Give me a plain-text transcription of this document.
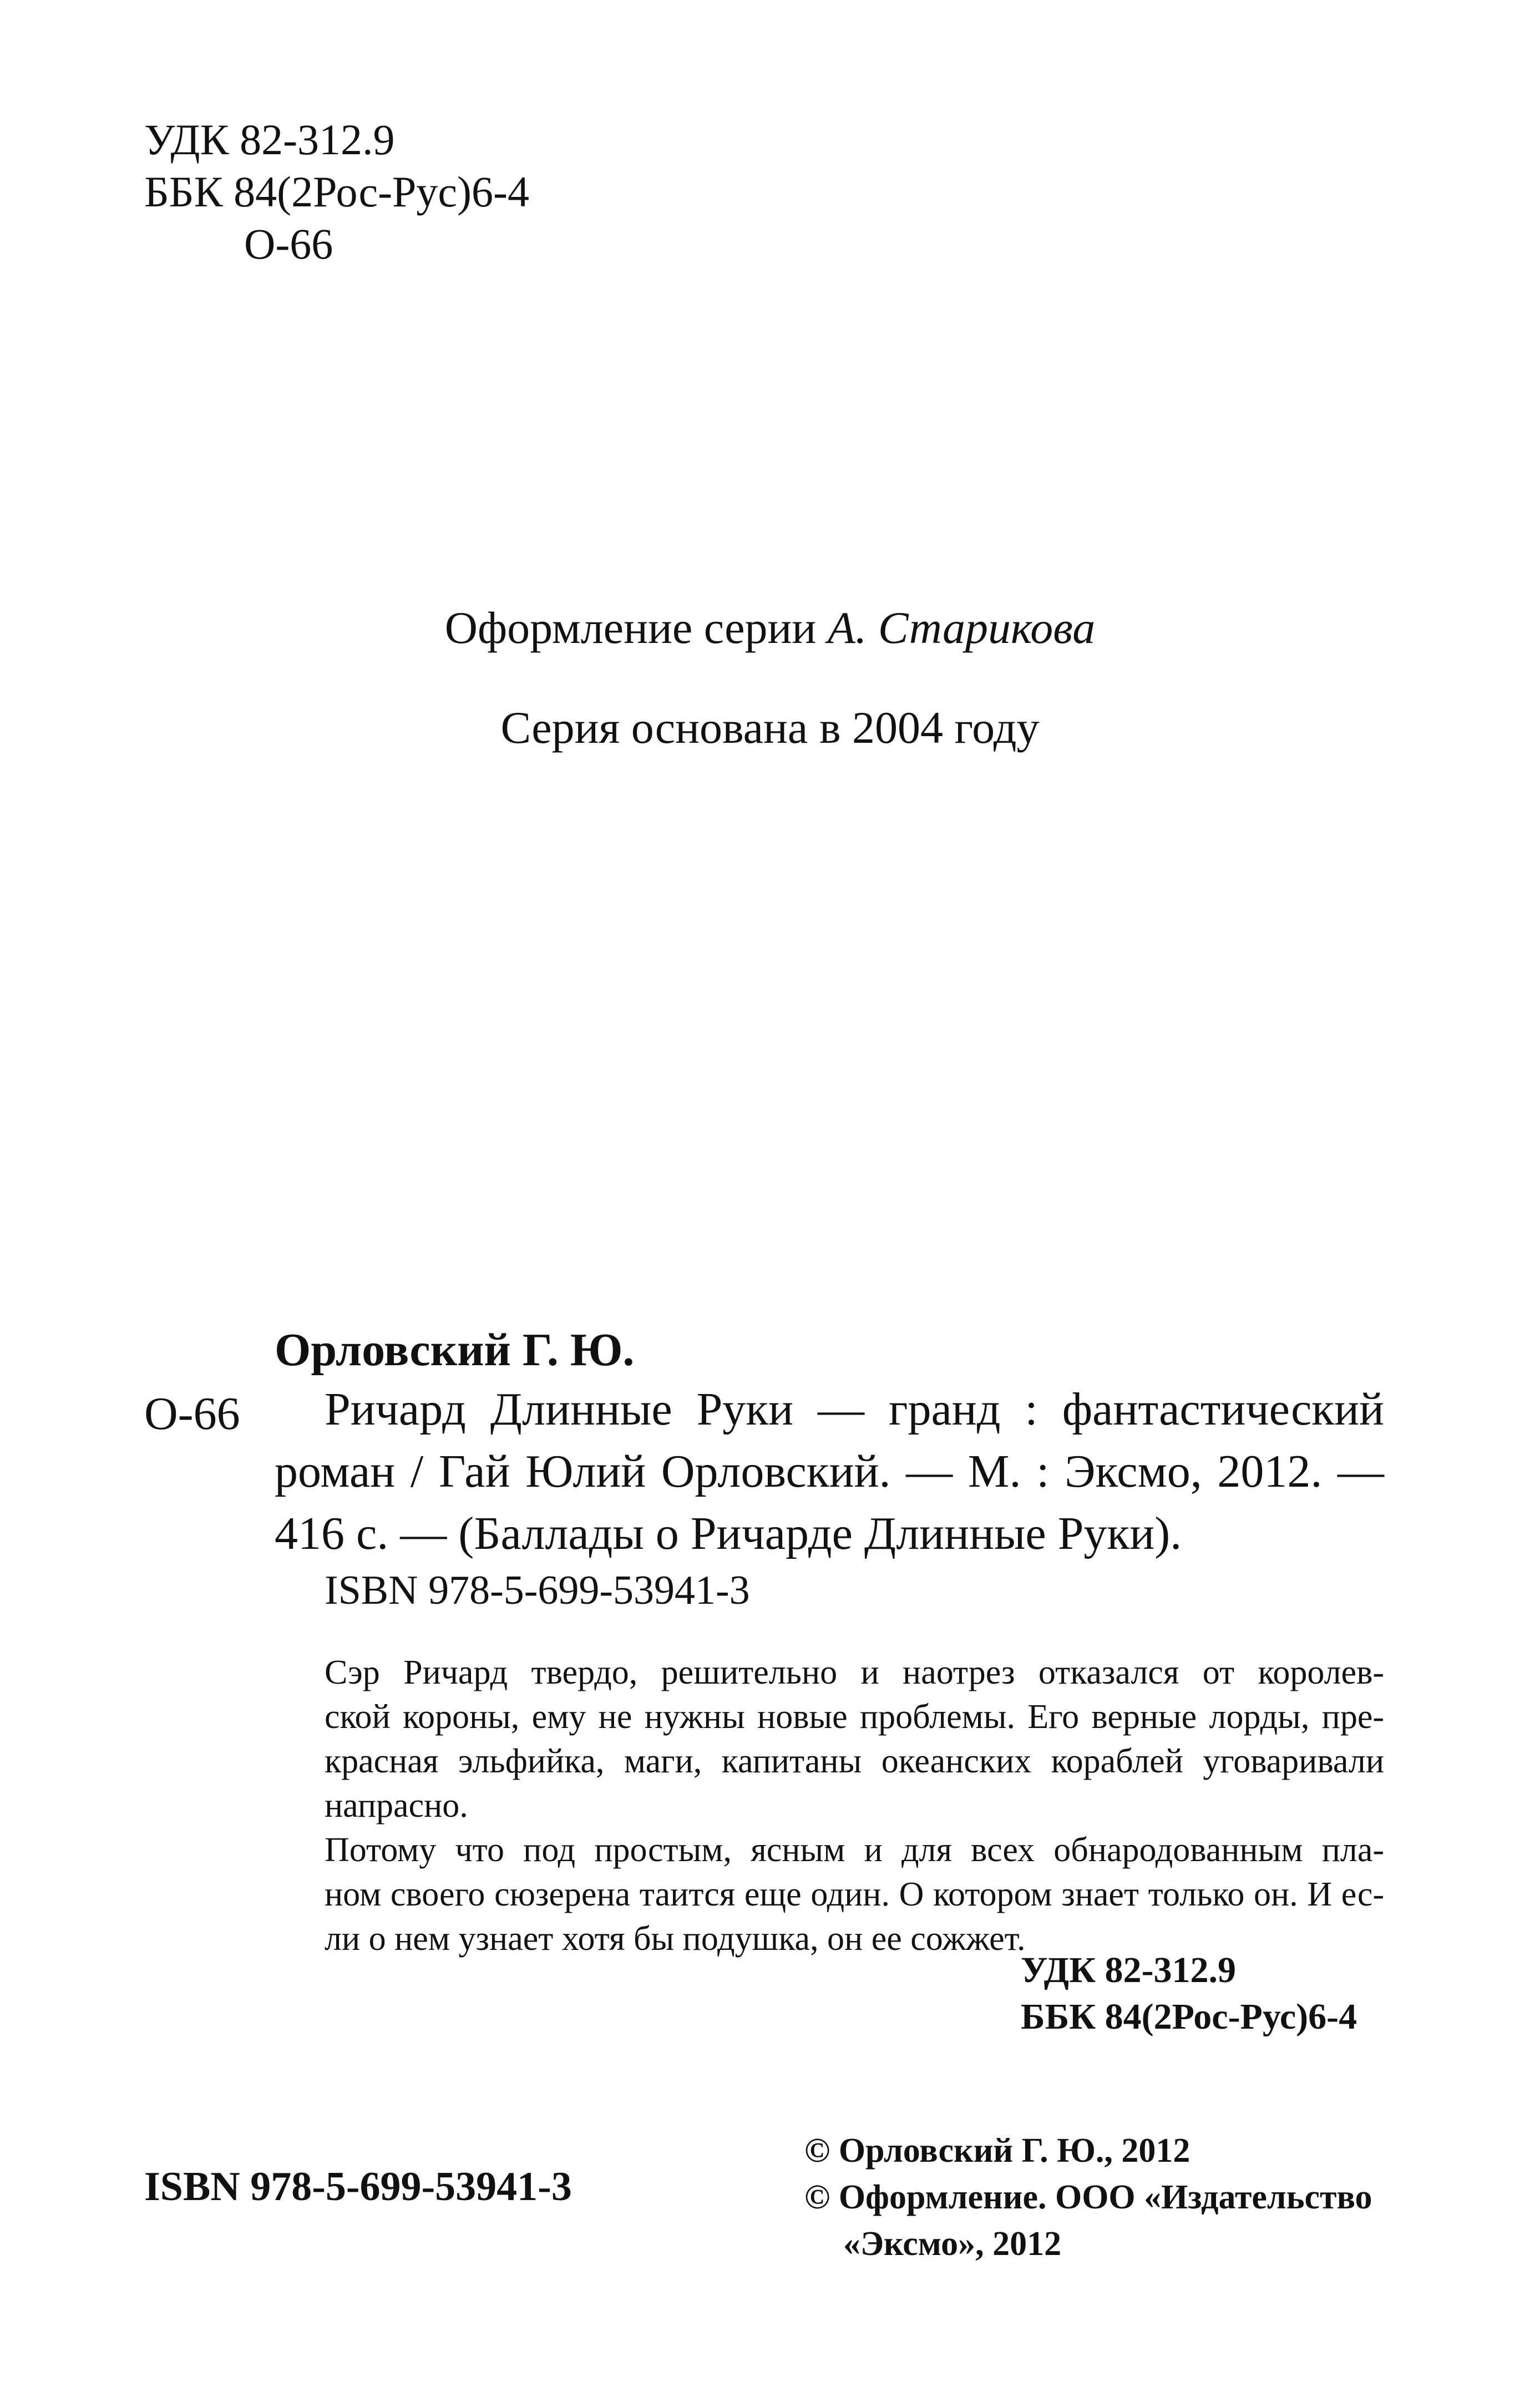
УДК 82-312.9
ББК 84(2Рос-Рус)6-4
О-66
Оформление серии А. Старикова
Серия основана в 2004 году
Орловский Г. Ю.
О-66	Ричард Длинные Руки — гранд : фантастический
роман / Гай Юлий Орловский. — М. : Эксмо, 2012. —
416 с. — (Баллады о Ричарде Длинные Руки).
ISBN 978-5-699-53941-3
Сэр Ричард твердо, решительно и наотрез отказался от королев-
ской короны, ему не нужны новые проблемы. Его верные лорды, пре-
красная эльфийка, маги, капитаны океанских кораблей уговаривали
напрасно.
Потому что под простым, ясным и для всех обнародованным пла-
ном своего сюзерена таится еще один. О котором знает только он. И ес-
ли о нем узнает хотя бы подушка, он ее сожжет.
УДК 82-312.9
ББК 84(2Рос-Рус)6-4
ISBN 978-5-699-53941-3
© Орловский Г. Ю., 2012
© Оформление. ООО «Издательство
«Эксмо», 2012
